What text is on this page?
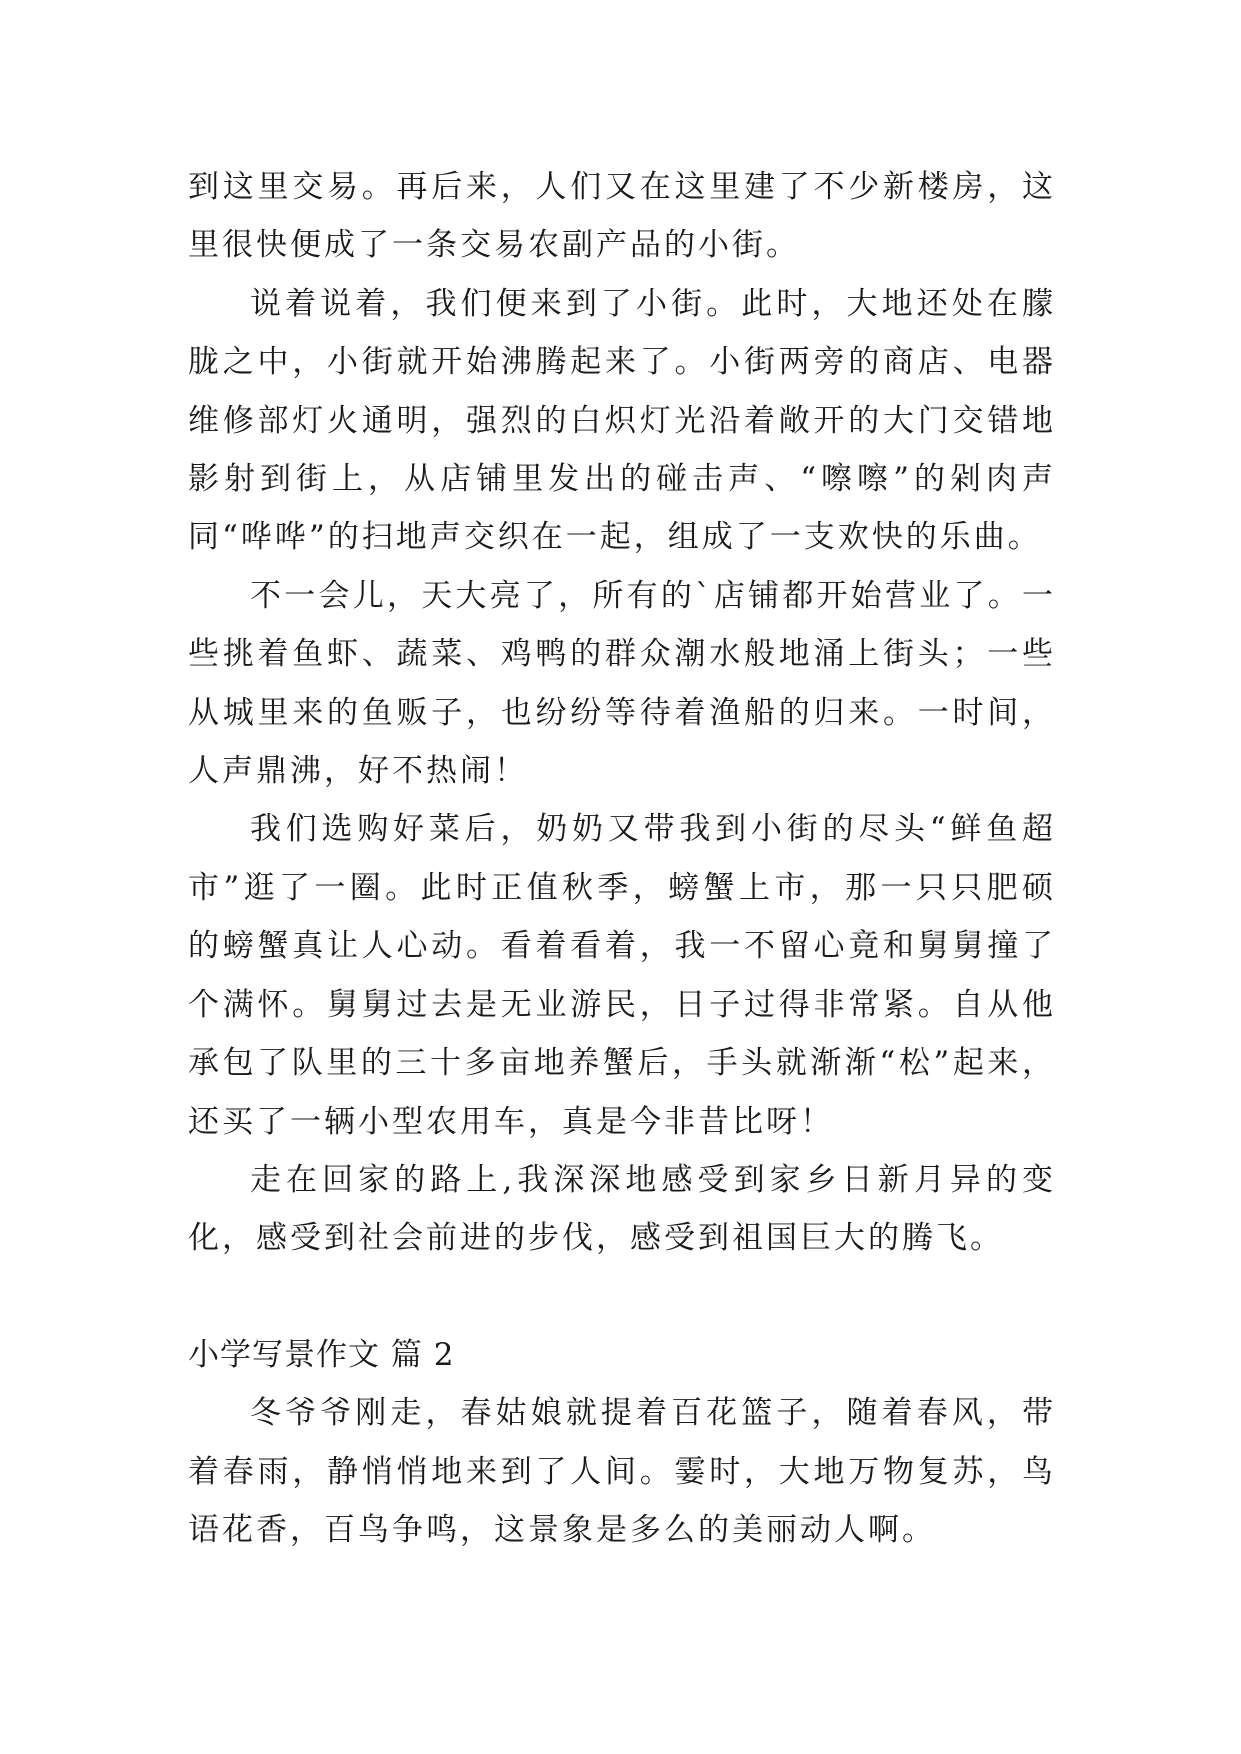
到这里交易。再后来，人们又在这里建了不少新楼房，这里很快便成了一条交易农副产品的小街。

说着说着，我们便来到了小街。此时，大地还处在朦胧之中，小街就开始沸腾起来了。小街两旁的商店、电器维修部灯火通明，强烈的白炽灯光沿着敞开的大门交错地影射到街上，从店铺里发出的碰击声、“嚓嚓”的剁肉声同“哗哗”的扫地声交织在一起，组成了一支欢快的乐曲。

不一会儿，天大亮了，所有的`店铺都开始营业了。一些挑着鱼虾、蔬菜、鸡鸭的群众潮水般地涌上街头；一些从城里来的鱼贩子，也纷纷等待着渔船的归来。一时间，人声鼎沸，好不热闹！

我们选购好菜后，奶奶又带我到小街的尽头“鲜鱼超市”逛了一圈。此时正值秋季，螃蟹上市，那一只只肥硕的螃蟹真让人心动。看着看着，我一不留心竟和舅舅撞了个满怀。舅舅过去是无业游民，日子过得非常紧。自从他承包了队里的三十多亩地养蟹后，手头就渐渐“松”起来，还买了一辆小型农用车，真是今非昔比呀！

走在回家的路上,我深深地感受到家乡日新月异的变化，感受到社会前进的步伐，感受到祖国巨大的腾飞。

小学写景作文 篇 2

冬爷爷刚走，春姑娘就提着百花篮子，随着春风，带着春雨，静悄悄地来到了人间。霎时，大地万物复苏，鸟语花香，百鸟争鸣，这景象是多么的美丽动人啊。
